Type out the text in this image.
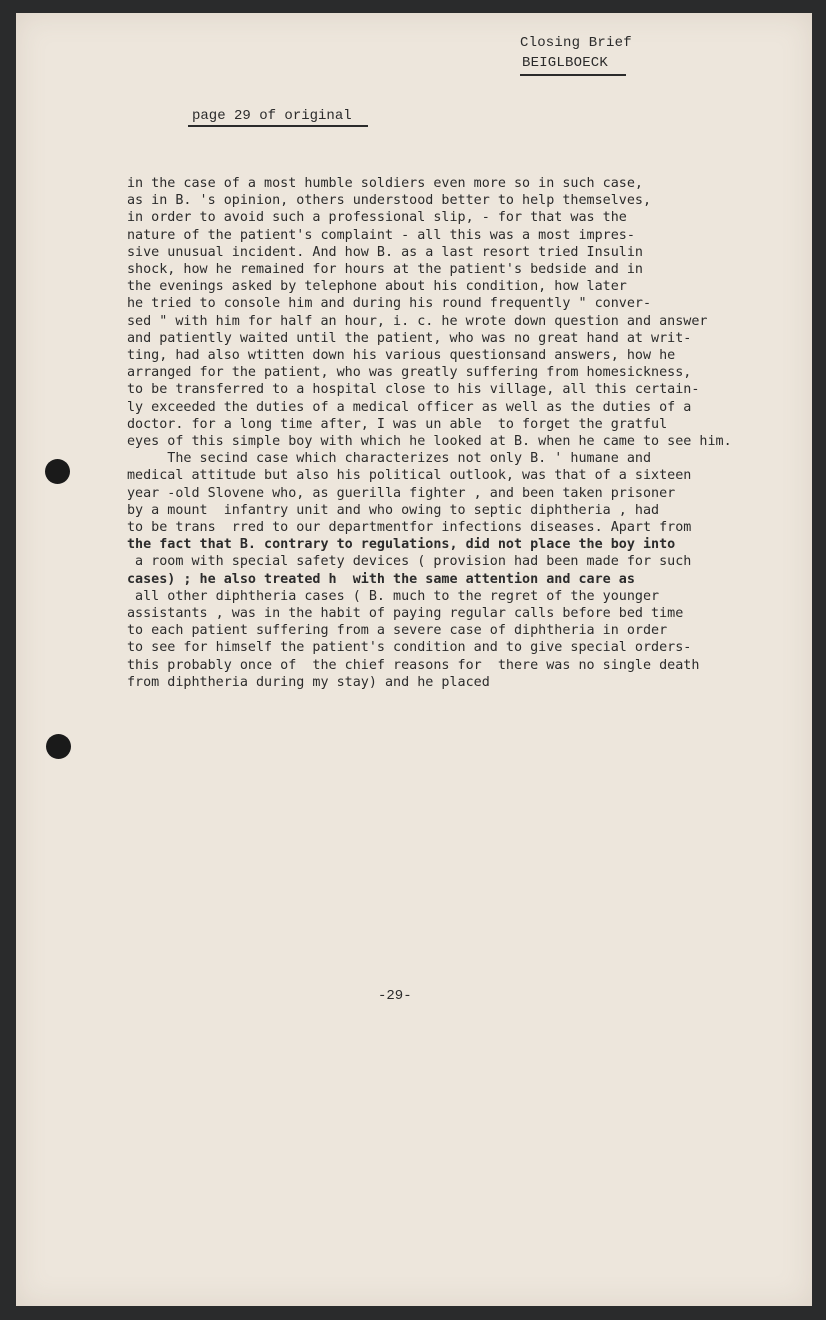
Closing Brief
BEIGLBOECK
page 29 of original
in the case of a most humble soldiers even more so in such case,
as in B. 's opinion, others understood better to help themselves,
in order to avoid such a professional slip, - for that was the
nature of the patient's complaint - all this was a most impres-
sive unusual incident. And how B. as a last resort tried Insulin
shock, how he remained for hours at the patient's bedside and in
the evenings asked by telephone about his condition, how later
he tried to console him and during his round frequently " conver-
sed " with him for half an hour, i. c. he wrote down question and answer
and patiently waited until the patient, who was no great hand at writ-
ting, had also wtitten down his various questionsand answers, how he
arranged for the patient, who was greatly suffering from homesickness,
to be transferred to a hospital close to his village, all this certain-
ly exceeded the duties of a medical officer as well as the duties of a
doctor. for a long time after, I was un able  to forget the gratful
eyes of this simple boy with which he looked at B. when he came to see him.
The secind case which characterizes not only B. ' humane and
medical attitude but also his political outlook, was that of a sixteen
year -old Slovene who, as guerilla fighter , and been taken prisoner
by a mount  infantry unit and who owing to septic diphtheria , had
to be trans  rred to our departmentfor infections diseases. Apart from
the fact that B. contrary to regulations, did not place the boy into
a room with special safety devices ( provision had been made for such
cases) ; he also treated h  with the same attention and care as
all other diphtheria cases ( B. much to the regret of the younger
assistants , was in the habit of paying regular calls before bed time
to each patient suffering from a severe case of diphtheria in order
to see for himself the patient's condition and to give special orders-
this probably once of  the chief reasons for  there was no single death
from diphtheria during my stay) and he placed
-29-
